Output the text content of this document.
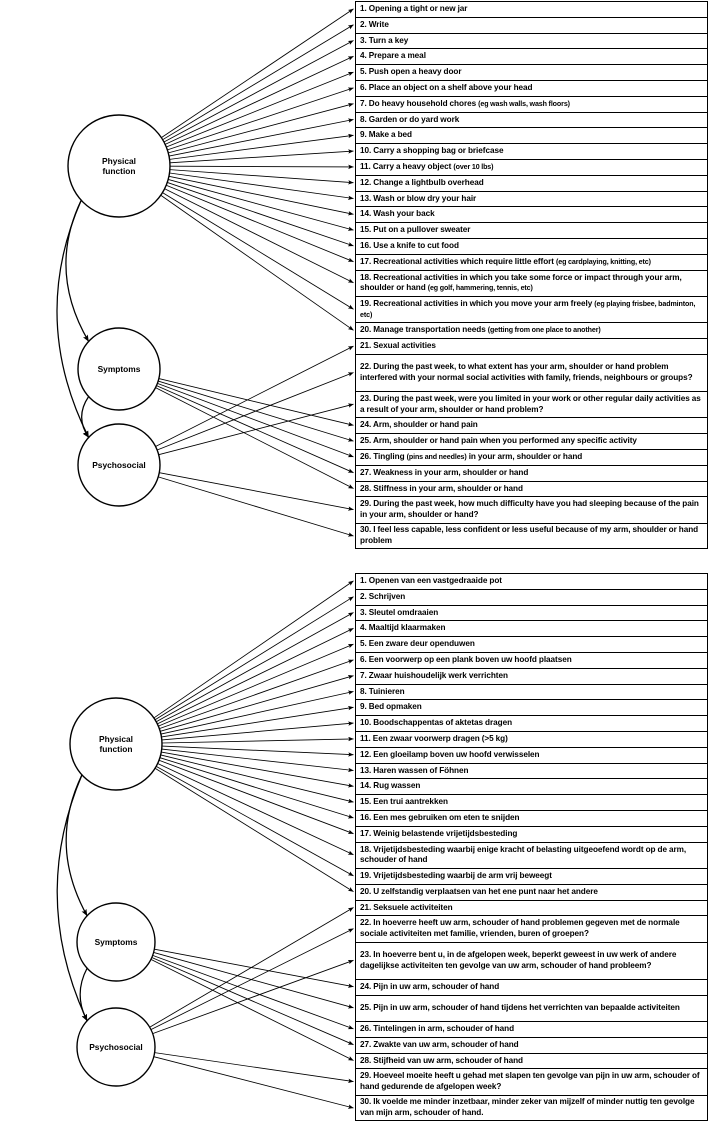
Physical function
Symptoms
Psychosocial
1. Opening a tight or new jar
2. Write
3. Turn a key
4. Prepare a meal
5. Push open a heavy door
6. Place an object on a shelf above your head
7. Do heavy household chores (eg wash walls, wash floors)
8. Garden or do yard work
9. Make a bed
10. Carry a shopping bag or briefcase
11. Carry a heavy object (over 10 lbs)
12. Change a lightbulb overhead
13. Wash or blow dry your hair
14. Wash your back
15. Put on a pullover sweater
16. Use a knife to cut food
17. Recreational activities which require little effort (eg cardplaying, knitting, etc)
18. Recreational activities in which you take some force or impact through your arm, shoulder or hand (eg golf, hammering, tennis, etc)
19. Recreational activities in which you move your arm freely (eg playing frisbee, badminton, etc)
20. Manage transportation needs (getting from one place to another)
21. Sexual activities
22. During the past week, to what extent has your arm, shoulder or hand problem interfered with your normal social activities with family, friends, neighbours or groups?
23. During the past week, were you limited in your work or other regular daily activities as a result of your arm, shoulder or hand problem?
24. Arm, shoulder or hand pain
25. Arm, shoulder or hand pain when you performed any specific activity
26. Tingling (pins and needles) in your arm, shoulder or hand
27. Weakness in your arm, shoulder or hand
28. Stiffness in your arm, shoulder or hand
29. During the past week, how much difficulty have you had sleeping because of the pain in your arm, shoulder or hand?
30. I feel less capable, less confident or less useful because of my arm, shoulder or hand problem
Physical function
Symptoms
Psychosocial
1. Openen van een vastgedraaide pot
2. Schrijven
3. Sleutel omdraaien
4. Maaltijd klaarmaken
5. Een zware deur openduwen
6. Een voorwerp op een plank boven uw hoofd plaatsen
7. Zwaar huishoudelijk werk verrichten
8. Tuinieren
9. Bed opmaken
10. Boodschappentas of aktetas dragen
11. Een zwaar voorwerp dragen (>5 kg)
12. Een gloeilamp boven uw hoofd verwisselen
13. Haren wassen of Föhnen
14. Rug wassen
15. Een trui aantrekken
16. Een mes gebruiken om eten te snijden
17. Weinig belastende vrijetijdsbesteding
18. Vrijetijdsbesteding waarbij enige kracht of belasting uitgeoefend wordt op de arm, schouder of hand
19. Vrijetijdsbesteding waarbij de arm vrij beweegt
20. U zelfstandig verplaatsen van het ene punt naar het andere
21. Seksuele activiteiten
22. In hoeverre heeft uw arm, schouder of hand problemen gegeven met de normale sociale activiteiten met familie, vrienden, buren of groepen?
23. In hoeverre bent u, in de afgelopen week, beperkt geweest in uw werk of andere dagelijkse activiteiten ten gevolge van uw arm, schouder of hand probleem?
24. Pijn in uw arm, schouder of hand
25. Pijn in uw arm, schouder of hand tijdens het verrichten van bepaalde activiteiten
26. Tintelingen in arm, schouder of hand
27. Zwakte van uw arm, schouder of hand
28. Stijfheid van uw arm, schouder of hand
29. Hoeveel moeite heeft u gehad met slapen ten gevolge van pijn in uw arm, schouder of hand gedurende de afgelopen week?
30. Ik voelde me minder inzetbaar, minder zeker van mijzelf of minder nuttig ten gevolge van mijn arm, schouder of hand.
